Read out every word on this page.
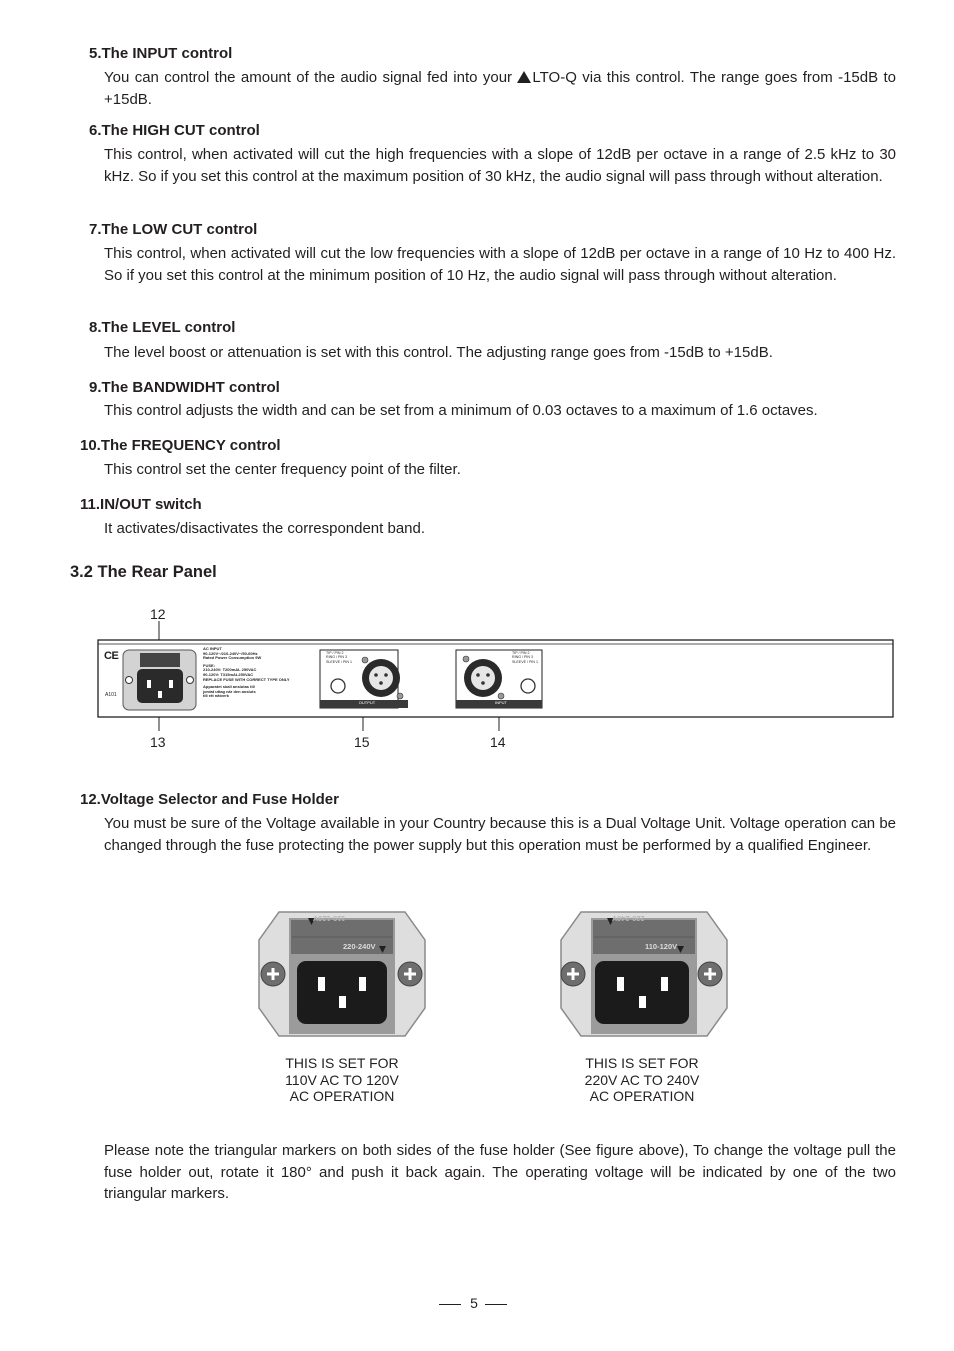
5.The INPUT control
You can control the amount of the audio signal fed into your LTO-Q via this control. The range goes from -15dB to +15dB.
6.The HIGH CUT control
This control, when activated will cut the high frequencies with a slope of 12dB per octave in a range of 2.5 kHz to 30 kHz. So if you set this control at the maximum position of 30 kHz, the audio signal will pass through without alteration.
7.The LOW CUT control
This control, when activated will cut the low frequencies with a slope of 12dB per octave in a range of 10 Hz to 400 Hz. So if you set this control at the minimum position of 10 Hz, the audio signal will pass through without alteration.
8.The LEVEL control
The level boost or attenuation is set with this control. The adjusting range goes from -15dB to +15dB.
9.The BANDWIDHT control
This control adjusts the width and can be set from a minimum of 0.03 octaves to a maximum of 1.6 octaves.
10.The FREQUENCY control
This control set the center frequency point of the filter.
11.IN/OUT switch
It activates/disactivates the correspondent band.
3.2 The Rear Panel
12
13	15	14
CE
A101
AC INPUT
90-120V~/210-240V~/50-60Hz
Rated Power Consumption 9W
FUSE:
210-240V: T200mAL 250VAC
90-120V: T315mAL250VAC
REPLACE FUSE WITH CORRECT TYPE ONLY
Apparatet skall anslutas till
jordat uttag när den ansluts
till ett nätverk
TIP / PIN 2
RING / PIN 3
SLEEVE / PIN 1
TIP / PIN 2
RING / PIN 3
SLEEVE / PIN 1
OUTPUT	INPUT
12.Voltage Selector and Fuse Holder
You must be sure of the Voltage available in your Country because this is a Dual Voltage Unit. Voltage operation can be changed through the fuse protecting the power supply but this operation must be performed by a qualified Engineer.
110-120V
220-240V
220-240V
110-120V
THIS IS SET FOR
110V AC TO 120V
AC OPERATION
THIS IS SET FOR
220V AC TO 240V
AC OPERATION
Please note the triangular markers on both sides of the fuse holder (See figure above), To change the voltage pull the fuse holder out, rotate it 180° and push it back again. The operating voltage will be indicated by one of the two triangular markers.
5
